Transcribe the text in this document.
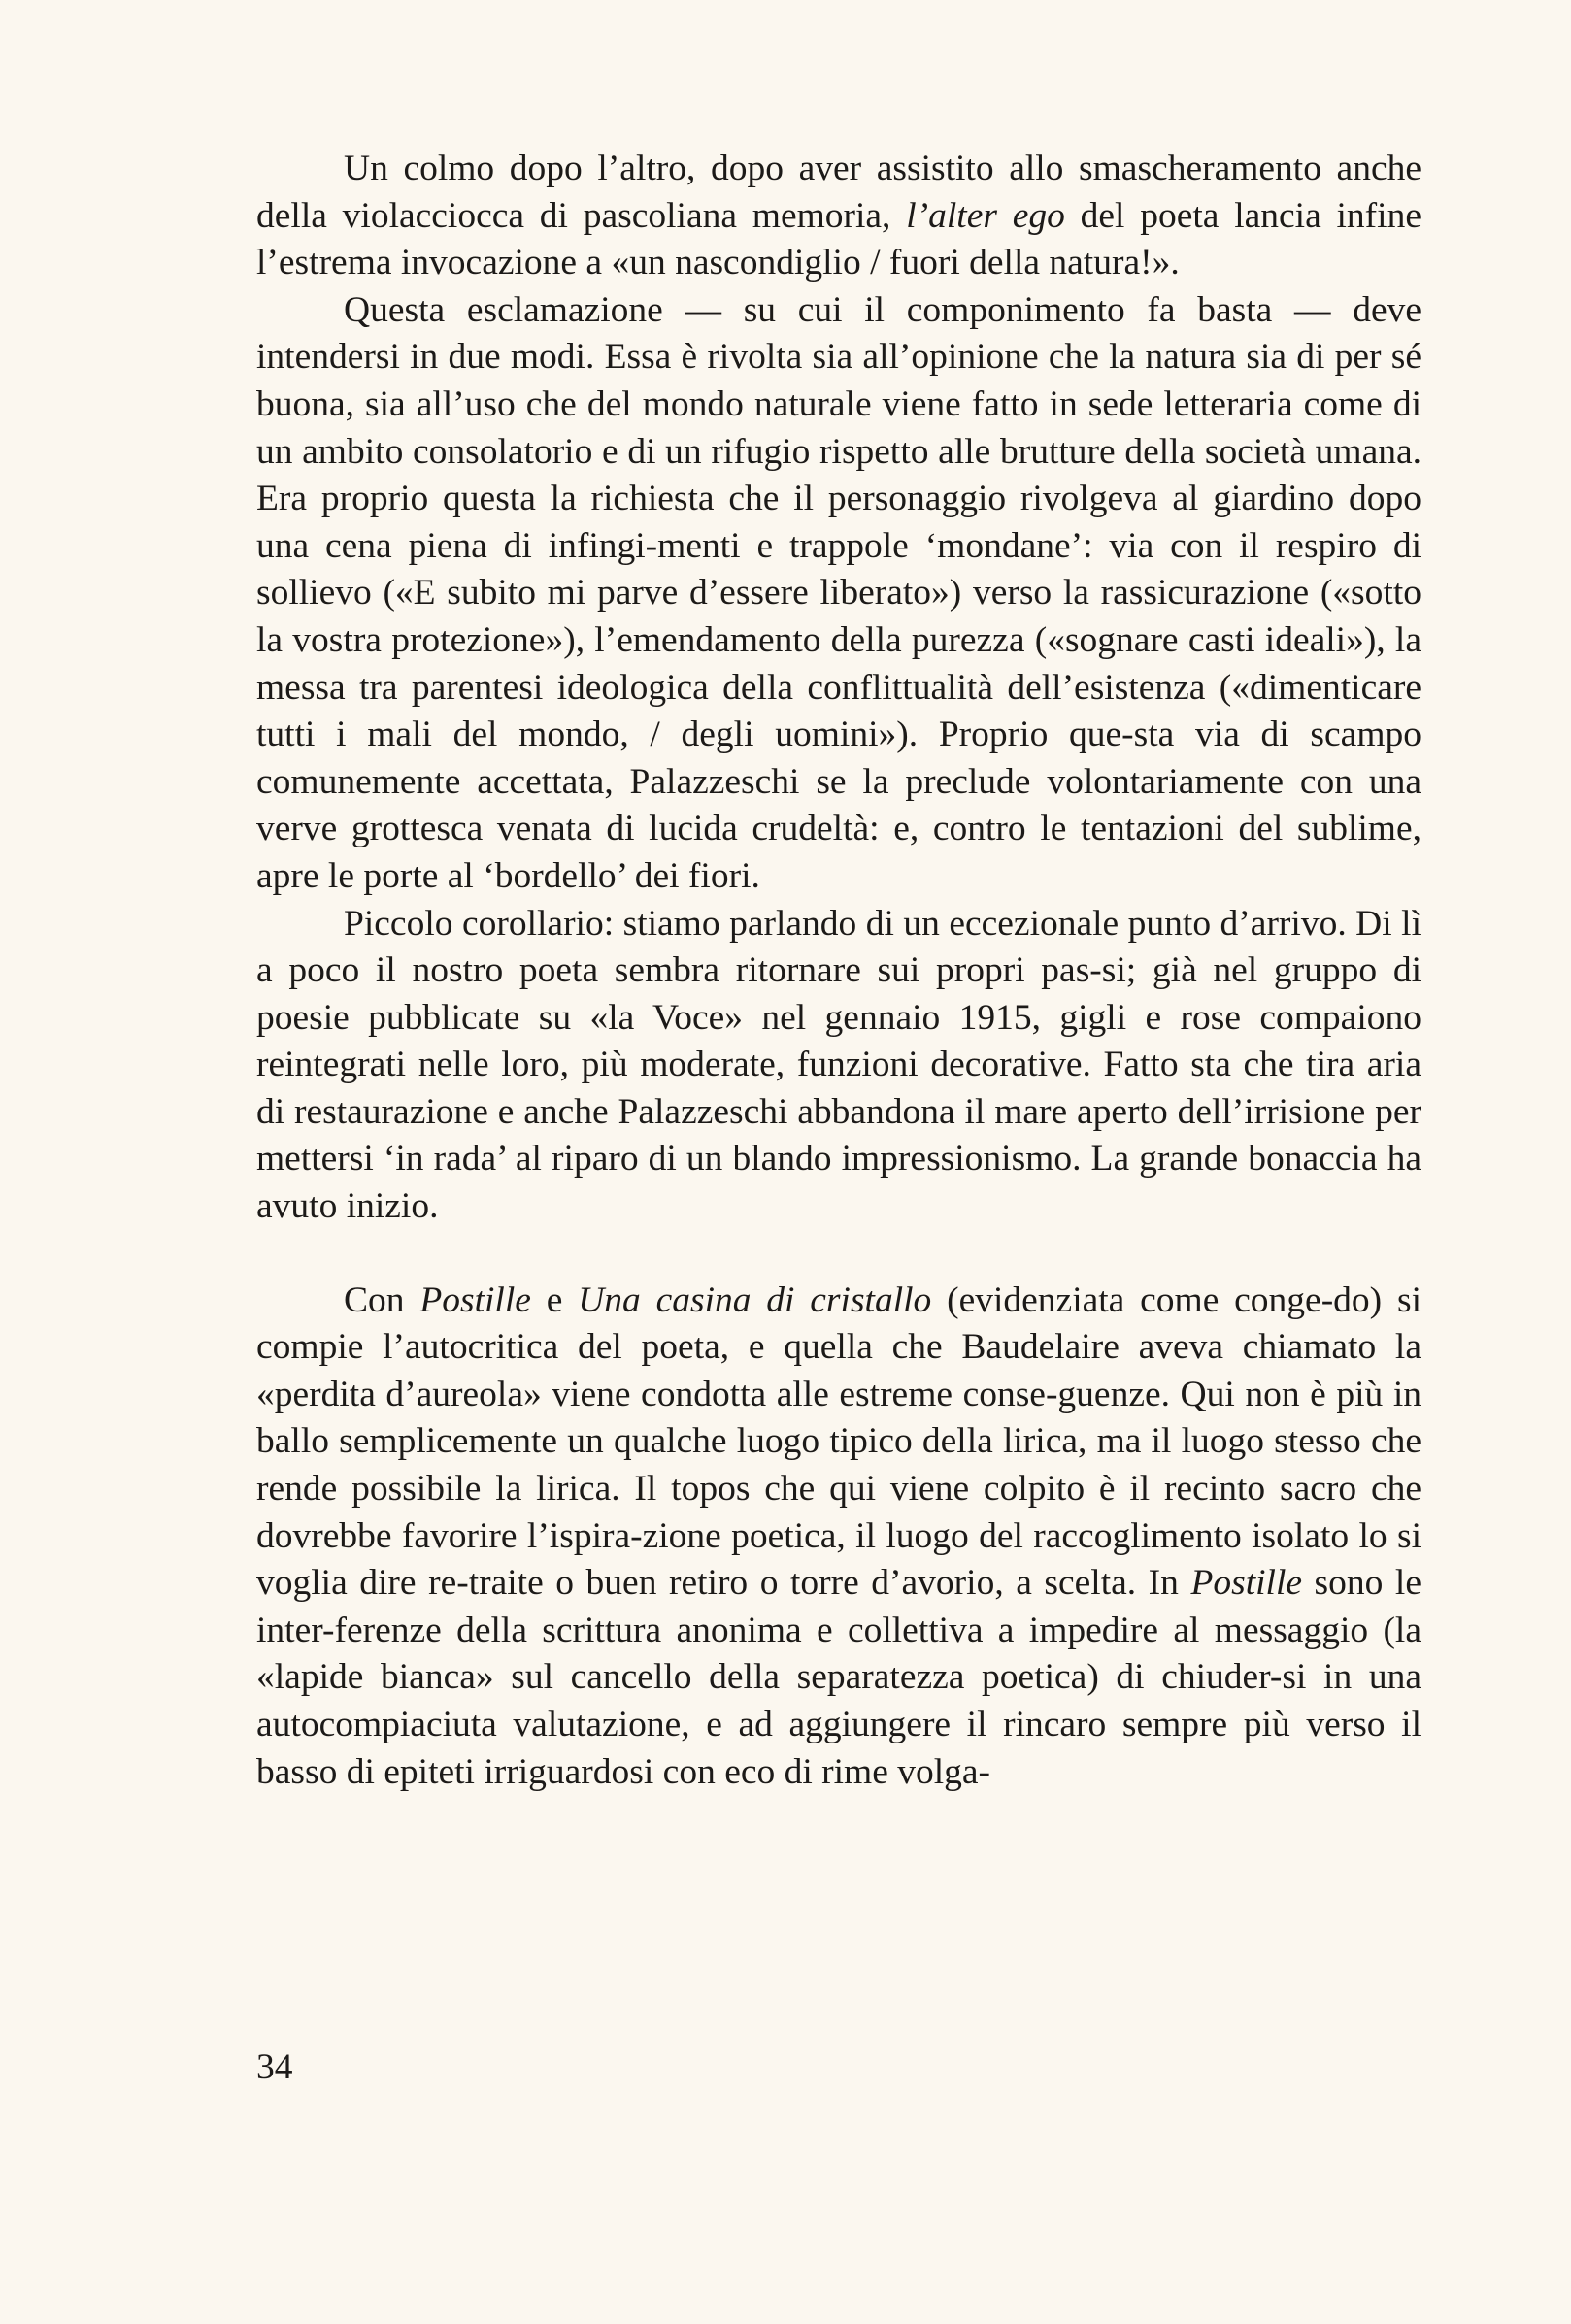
Un colmo dopo l’altro, dopo aver assistito allo smascheramento anche della violacciocca di pascoliana memoria, l’alter ego del poeta lancia infine l’estrema invocazione a «un nascondiglio / fuori della natura!».

Questa esclamazione — su cui il componimento fa basta — deve intendersi in due modi. Essa è rivolta sia all’opinione che la natura sia di per sé buona, sia all’uso che del mondo naturale viene fatto in sede letteraria come di un ambito consolatorio e di un rifugio rispetto alle brutture della società umana. Era proprio questa la richiesta che il personaggio rivolgeva al giardino dopo una cena piena di infingi-menti e trappole ‘mondane’: via con il respiro di sollievo («E subito mi parve d’essere liberato») verso la rassicurazione («sotto la vostra protezione»), l’emendamento della purezza («sognare casti ideali»), la messa tra parentesi ideologica della conflittualità dell’esistenza («dimenticare tutti i mali del mondo, / degli uomini»). Proprio que-sta via di scampo comunemente accettata, Palazzeschi se la preclude volontariamente con una verve grottesca venata di lucida crudeltà: e, contro le tentazioni del sublime, apre le porte al ‘bordello’ dei fiori.

Piccolo corollario: stiamo parlando di un eccezionale punto d’arrivo. Di lì a poco il nostro poeta sembra ritornare sui propri pas-si; già nel gruppo di poesie pubblicate su «la Voce» nel gennaio 1915, gigli e rose compaiono reintegrati nelle loro, più moderate, funzioni decorative. Fatto sta che tira aria di restaurazione e anche Palazzeschi abbandona il mare aperto dell’irrisione per mettersi ‘in rada’ al riparo di un blando impressionismo. La grande bonaccia ha avuto inizio.

Con Postille e Una casina di cristallo (evidenziata come conge-do) si compie l’autocritica del poeta, e quella che Baudelaire aveva chiamato la «perdita d’aureola» viene condotta alle estreme conse-guenze. Qui non è più in ballo semplicemente un qualche luogo tipico della lirica, ma il luogo stesso che rende possibile la lirica. Il topos che qui viene colpito è il recinto sacro che dovrebbe favorire l’ispira-zione poetica, il luogo del raccoglimento isolato lo si voglia dire re-traite o buen retiro o torre d’avorio, a scelta. In Postille sono le inter-ferenze della scrittura anonima e collettiva a impedire al messaggio (la «lapide bianca» sul cancello della separatezza poetica) di chiuder-si in una autocompiaciuta valutazione, e ad aggiungere il rincaro sempre più verso il basso di epiteti irriguardosi con eco di rime volga-

34
